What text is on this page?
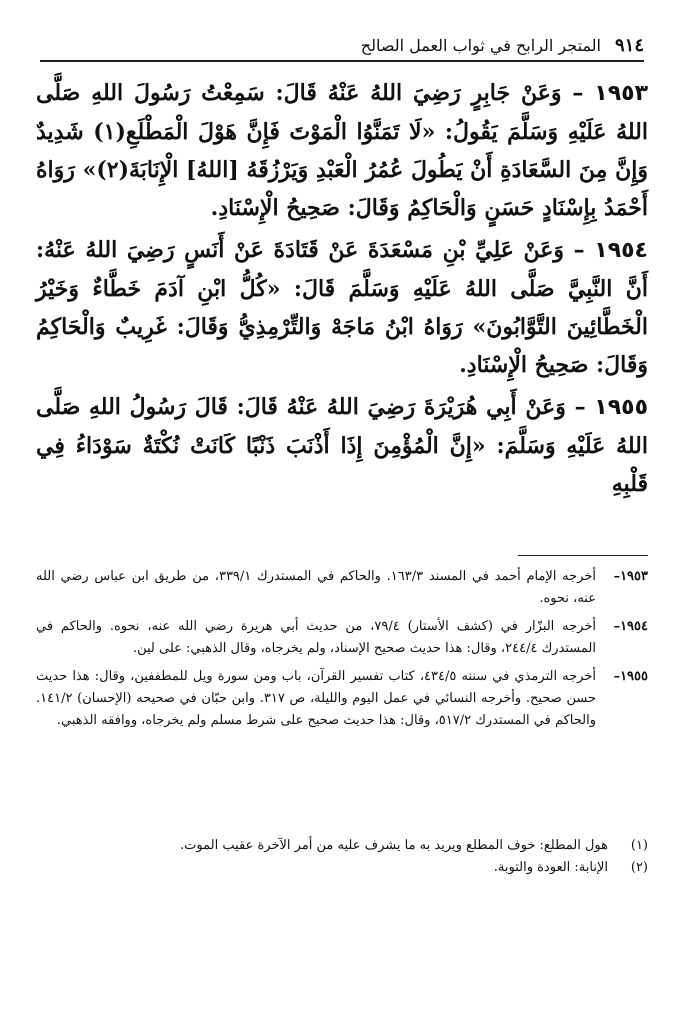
٩١٤
المتجر الرابح في ثواب العمل الصالح

١٩٥٣ – وَعَنْ جَابِرٍ رَضِيَ اللهُ عَنْهُ قَالَ: سَمِعْتُ رَسُولَ اللهِ صَلَّى اللهُ عَلَيْهِ وَسَلَّمَ يَقُولُ: «لَا تَمَنَّوُا الْمَوْتَ فَإِنَّ هَوْلَ الْمَطْلَعِ(١) شَدِيدٌ وَإِنَّ مِنَ السَّعَادَةِ أَنْ يَطُولَ عُمُرُ الْعَبْدِ وَيَرْزُقَهُ [اللهُ] الْإِنَابَةَ(٢)» رَوَاهُ أَحْمَدُ بِإِسْنَادٍ حَسَنٍ وَالْحَاكِمُ وَقَالَ: صَحِيحُ الْإِسْنَادِ.

١٩٥٤ – وَعَنْ عَلِيِّ بْنِ مَسْعَدَةَ عَنْ قَتَادَةَ عَنْ أَنَسٍ رَضِيَ اللهُ عَنْهُ: أَنَّ النَّبِيَّ صَلَّى اللهُ عَلَيْهِ وَسَلَّمَ قَالَ: «كُلُّ ابْنِ آدَمَ خَطَّاءٌ وَخَيْرُ الْخَطَّائِينَ التَّوَّابُونَ» رَوَاهُ ابْنُ مَاجَهْ وَالتِّرْمِذِيُّ وَقَالَ: غَرِيبٌ وَالْحَاكِمُ وَقَالَ: صَحِيحُ الْإِسْنَادِ.

١٩٥٥ – وَعَنْ أَبِي هُرَيْرَةَ رَضِيَ اللهُ عَنْهُ قَالَ: قَالَ رَسُولُ اللهِ صَلَّى اللهُ عَلَيْهِ وَسَلَّمَ: «إِنَّ الْمُؤْمِنَ إِذَا أَذْنَبَ ذَنْبًا كَانَتْ نُكْتَةٌ سَوْدَاءُ فِي قَلْبِهِ

١٩٥٣–
أخرجه الإمام أحمد في المسند ١٦٣/٣. والحاكم في المستدرك ٣٣٩/١، من طريق ابن عباس رضي الله عنه، نحوه.
١٩٥٤–
أخرجه البزّار في (كشف الأستار) ٧٩/٤، من حديث أبي هريرة رضي الله عنه، نحوه. والحاكم في المستدرك ٢٤٤/٤، وقال: هذا حديث صحيح الإسناد، ولم يخرجاه، وقال الذهبي: على لين.
١٩٥٥–
أخرجه الترمذي في سننه ٤٣٤/٥، كتاب تفسير القرآن، باب ومن سورة ويل للمطففين، وقال: هذا حديث حسن صحيح. وأخرجه النسائي في عمل اليوم والليلة، ص ٣١٧. وابن حبّان في صحيحه (الإحسان) ١٤١/٢. والحاكم في المستدرك ٥١٧/٢، وقال: هذا حديث صحيح على شرط مسلم ولم يخرجاه، ووافقه الذهبي.
(١)
هول المطلع: خوف المطلع ويريد به ما يشرف عليه من أمر الآخرة عقيب الموت.
(٢)
الإنابة: العودة والتوبة.
